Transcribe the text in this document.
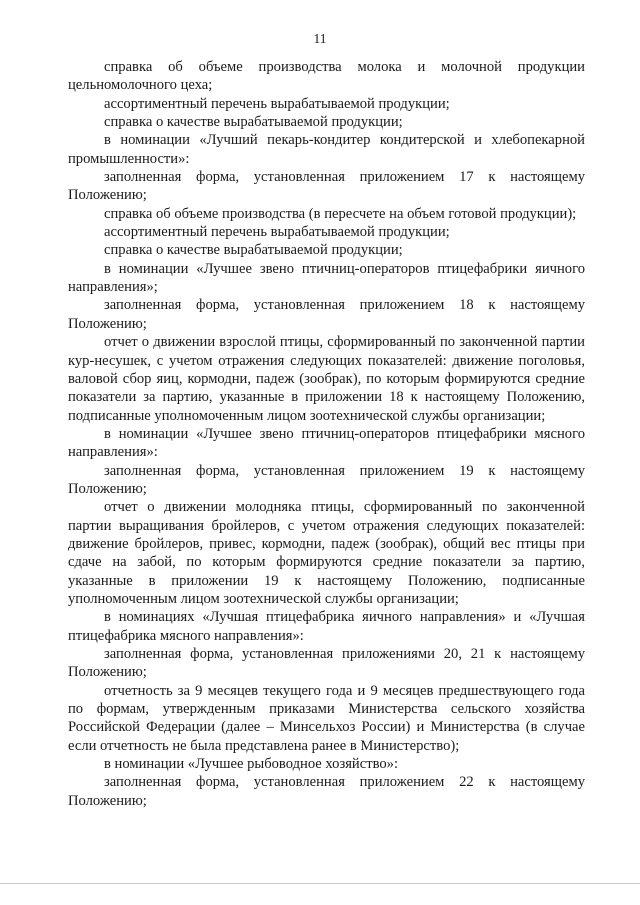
11

справка об объеме производства молока и молочной продукции цельномолочного цеха;

ассортиментный перечень вырабатываемой продукции;

справка о качестве вырабатываемой продукции;

в номинации «Лучший пекарь-кондитер кондитерской и хлебопекарной промышленности»:

заполненная форма, установленная приложением 17 к настоящему Положению;

справка об объеме производства (в пересчете на объем готовой продукции);

ассортиментный перечень вырабатываемой продукции;

справка о качестве вырабатываемой продукции;

в номинации «Лучшее звено птичниц-операторов птицефабрики яичного направления»;

заполненная форма, установленная приложением 18 к настоящему Положению;

отчет о движении взрослой птицы, сформированный по законченной партии кур-несушек, с учетом отражения следующих показателей: движение поголовья, валовой сбор яиц, кормодни, падеж (зообрак), по которым формируются средние показатели за партию, указанные в приложении 18 к настоящему Положению, подписанные уполномоченным лицом зоотехнической службы организации;

в номинации «Лучшее звено птичниц-операторов птицефабрики мясного направления»:

заполненная форма, установленная приложением 19 к настоящему Положению;

отчет о движении молодняка птицы, сформированный по законченной партии выращивания бройлеров, с учетом отражения следующих показателей: движение бройлеров, привес, кормодни, падеж (зообрак), общий вес птицы при сдаче на забой, по которым формируются средние показатели за партию, указанные в приложении 19 к настоящему Положению, подписанные уполномоченным лицом зоотехнической службы организации;

в номинациях «Лучшая птицефабрика яичного направления» и «Лучшая птицефабрика мясного направления»:

заполненная форма, установленная приложениями 20, 21 к настоящему Положению;

отчетность за 9 месяцев текущего года и 9 месяцев предшествующего года по формам, утвержденным приказами Министерства сельского хозяйства Российской Федерации (далее – Минсельхоз России) и Министерства (в случае если отчетность не была представлена ранее в Министерство);

в номинации «Лучшее рыбоводное хозяйство»:

заполненная форма, установленная приложением 22 к настоящему Положению;
